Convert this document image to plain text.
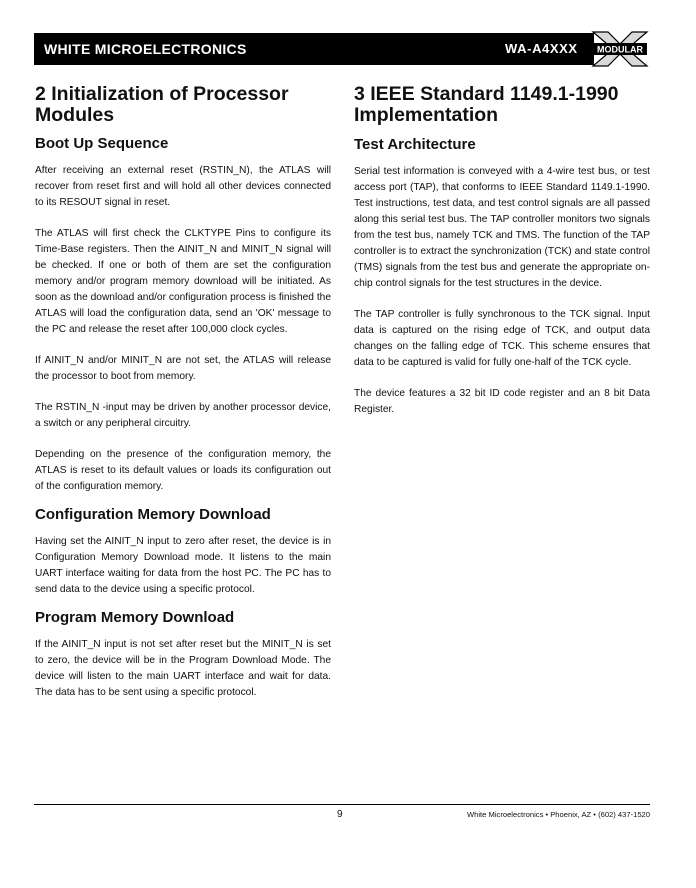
WHITE MICROELECTRONICS	WA-A4XXX MODULAR
2 Initialization of Processor Modules
Boot Up Sequence

After receiving an external reset (RSTIN_N), the ATLAS will recover from reset first and will hold all other devices connected to its RESOUT signal in reset.

The ATLAS will first check the CLKTYPE Pins to configure its Time-Base registers. Then the AINIT_N and MINIT_N signal will be checked. If one or both of them are set the configuration memory and/or program memory download will be initiated. As soon as the download and/or configuration process is finished the ATLAS will load the configuration data, send an 'OK' message to the PC and release the reset after 100,000 clock cycles.

If AINIT_N and/or MINIT_N are not set, the ATLAS will release the processor to boot from memory.

The RSTIN_N -input may be driven by another processor device, a switch or any peripheral circuitry.

Depending on the presence of the configuration memory, the ATLAS is reset to its default values or loads its configuration out of the configuration memory.

Configuration Memory Download

Having set the AINIT_N input to zero after reset, the device is in Configuration Memory Download mode. It listens to the main UART interface waiting for data from the host PC. The PC has to send data to the device using a specific protocol.

Program Memory Download

If the AINIT_N input is not set after reset but the MINIT_N is set to zero, the device will be in the Program Download Mode. The device will listen to the main UART interface and wait for data. The data has to be sent using a specific protocol.

3 IEEE Standard 1149.1-1990 Implementation
Test Architecture

Serial test information is conveyed with a 4-wire test bus, or test access port (TAP), that conforms to IEEE Standard 1149.1-1990. Test instructions, test data, and test control signals are all passed along this serial test bus. The TAP controller monitors two signals from the test bus, namely TCK and TMS. The function of the TAP controller is to extract the synchronization (TCK) and state control (TMS) signals from the test bus and generate the appropriate on-chip control signals for the test structures in the device.

The TAP controller is fully synchronous to the TCK signal. Input data is captured on the rising edge of TCK, and output data changes on the falling edge of TCK. This scheme ensures that data to be captured is valid for fully one-half of the TCK cycle.

The device features a 32 bit ID code register and an 8 bit Data Register.

9	White Microelectronics • Phoenix, AZ • (602) 437-1520
